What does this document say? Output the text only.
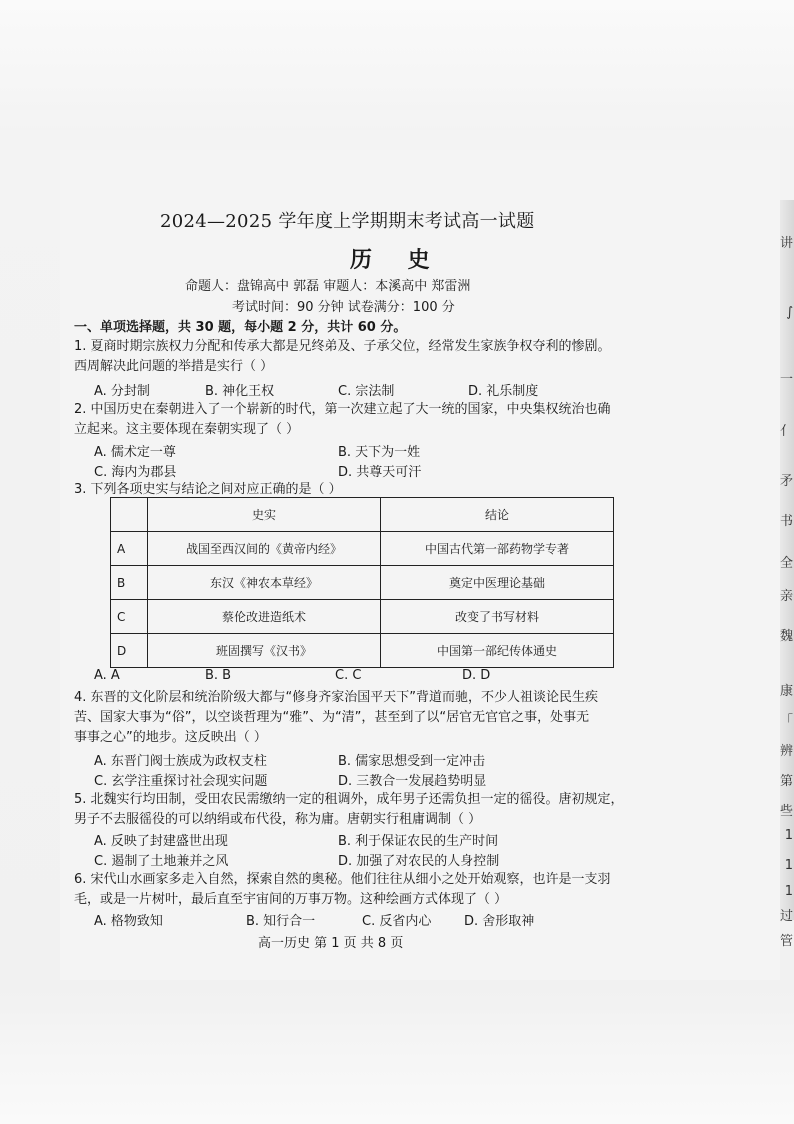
讲
∫
一
亻
矛
书
全
亲
魏
康
「
辨
第
些
1
1
1
过
管
2024—2025 学年度上学期期末考试高一试题
历 史
命题人：盘锦高中 郭磊 审题人：本溪高中 郑雷洲
考试时间：90 分钟 试卷满分：100 分
一、单项选择题，共 30 题，每小题 2 分，共计 60 分。
1. 夏商时期宗族权力分配和传承大都是兄终弟及、子承父位，经常发生家族争权夺利的惨剧。
西周解决此问题的举措是实行（ ）
A. 分封制	B. 神化王权	C. 宗法制	D. 礼乐制度
2. 中国历史在秦朝进入了一个崭新的时代，第一次建立起了大一统的国家，中央集权统治也确
立起来。这主要体现在秦朝实现了（ ）
A. 儒术定一尊	B. 天下为一姓
C. 海内为郡县	D. 共尊天可汗
3. 下列各项史实与结论之间对应正确的是（ ）
	史实	结论
A	战国至西汉间的《黄帝内经》	中国古代第一部药物学专著
B	东汉《神农本草经》	奠定中医理论基础
C	蔡伦改进造纸术	改变了书写材料
D	班固撰写《汉书》	中国第一部纪传体通史
A. A	B. B	C. C	D. D
4. 东晋的文化阶层和统治阶级大都与“修身齐家治国平天下”背道而驰，不少人祖谈论民生疾
苦、国家大事为“俗”，以空谈哲理为“雅”、为“清”，甚至到了以“居官无官官之事，处事无
事事之心”的地步。这反映出（ ）
A. 东晋门阀士族成为政权支柱	B. 儒家思想受到一定冲击
C. 玄学注重探讨社会现实问题	D. 三教合一发展趋势明显
5. 北魏实行均田制，受田农民需缴纳一定的租调外，成年男子还需负担一定的徭役。唐初规定，
男子不去服徭役的可以纳绢或布代役，称为庸。唐朝实行租庸调制（ ）
A. 反映了封建盛世出现	B. 利于保证农民的生产时间
C. 遏制了土地兼并之风	D. 加强了对农民的人身控制
6. 宋代山水画家多走入自然，探索自然的奥秘。他们往往从细小之处开始观察，也许是一支羽
毛，或是一片树叶，最后直至宇宙间的万事万物。这种绘画方式体现了（ ）
A. 格物致知	B. 知行合一	C. 反省内心	D. 舍形取神
高一历史 第 1 页 共 8 页
